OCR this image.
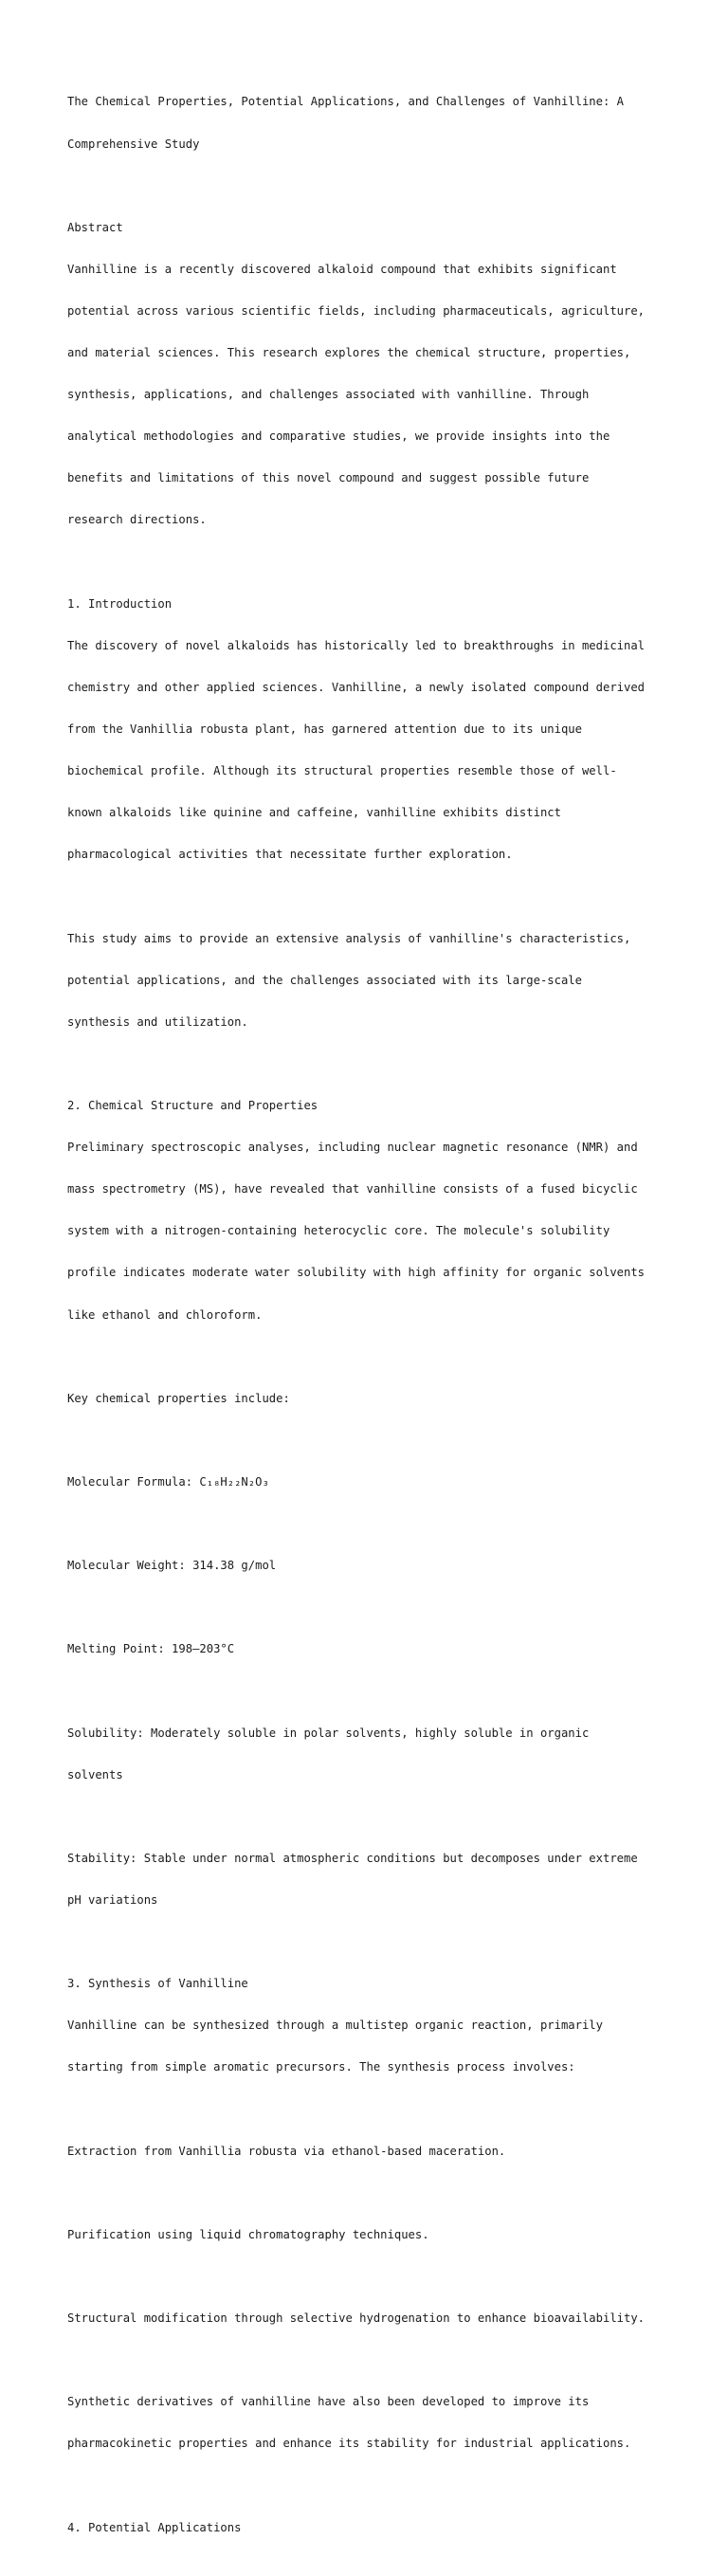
The Chemical Properties, Potential Applications, and Challenges of Vanhilline: A

Comprehensive Study

Abstract

Vanhilline is a recently discovered alkaloid compound that exhibits significant

potential across various scientific fields, including pharmaceuticals, agriculture,

and material sciences. This research explores the chemical structure, properties,

synthesis, applications, and challenges associated with vanhilline. Through

analytical methodologies and comparative studies, we provide insights into the

benefits and limitations of this novel compound and suggest possible future

research directions.

1. Introduction

The discovery of novel alkaloids has historically led to breakthroughs in medicinal

chemistry and other applied sciences. Vanhilline, a newly isolated compound derived

from the Vanhillia robusta plant, has garnered attention due to its unique

biochemical profile. Although its structural properties resemble those of well-

known alkaloids like quinine and caffeine, vanhilline exhibits distinct

pharmacological activities that necessitate further exploration.

This study aims to provide an extensive analysis of vanhilline's characteristics,

potential applications, and the challenges associated with its large-scale

synthesis and utilization.

2. Chemical Structure and Properties

Preliminary spectroscopic analyses, including nuclear magnetic resonance (NMR) and

mass spectrometry (MS), have revealed that vanhilline consists of a fused bicyclic

system with a nitrogen-containing heterocyclic core. The molecule's solubility

profile indicates moderate water solubility with high affinity for organic solvents

like ethanol and chloroform.

Key chemical properties include:

Molecular Formula: C₁₈H₂₂N₂O₃

Molecular Weight: 314.38 g/mol

Melting Point: 198–203°C

Solubility: Moderately soluble in polar solvents, highly soluble in organic

solvents

Stability: Stable under normal atmospheric conditions but decomposes under extreme

pH variations

3. Synthesis of Vanhilline

Vanhilline can be synthesized through a multistep organic reaction, primarily

starting from simple aromatic precursors. The synthesis process involves:

Extraction from Vanhillia robusta via ethanol-based maceration.

Purification using liquid chromatography techniques.

Structural modification through selective hydrogenation to enhance bioavailability.

Synthetic derivatives of vanhilline have also been developed to improve its

pharmacokinetic properties and enhance its stability for industrial applications.

4. Potential Applications
